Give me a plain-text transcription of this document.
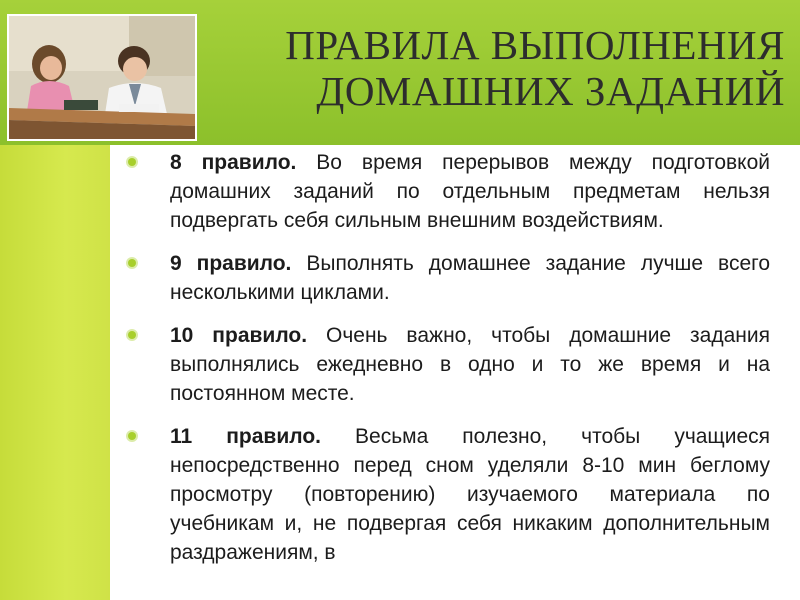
ПРАВИЛА ВЫПОЛНЕНИЯ
ДОМАШНИХ ЗАДАНИЙ

8 правило. Во время перерывов между подготовкой домашних заданий по отдельным предметам нельзя подвергать себя сильным внешним воздействиям.

9 правило. Выполнять домашнее задание лучше всего несколькими циклами.

10 правило. Очень важно, чтобы домашние задания выполнялись ежедневно в одно и то же время и на постоянном месте.

11 правило. Весьма полезно, чтобы учащиеся непосредственно перед сном уделяли 8-10 мин беглому просмотру (повторению) изучаемого материала по учебникам и, не подвергая себя никаким дополнительным раздражениям, в
